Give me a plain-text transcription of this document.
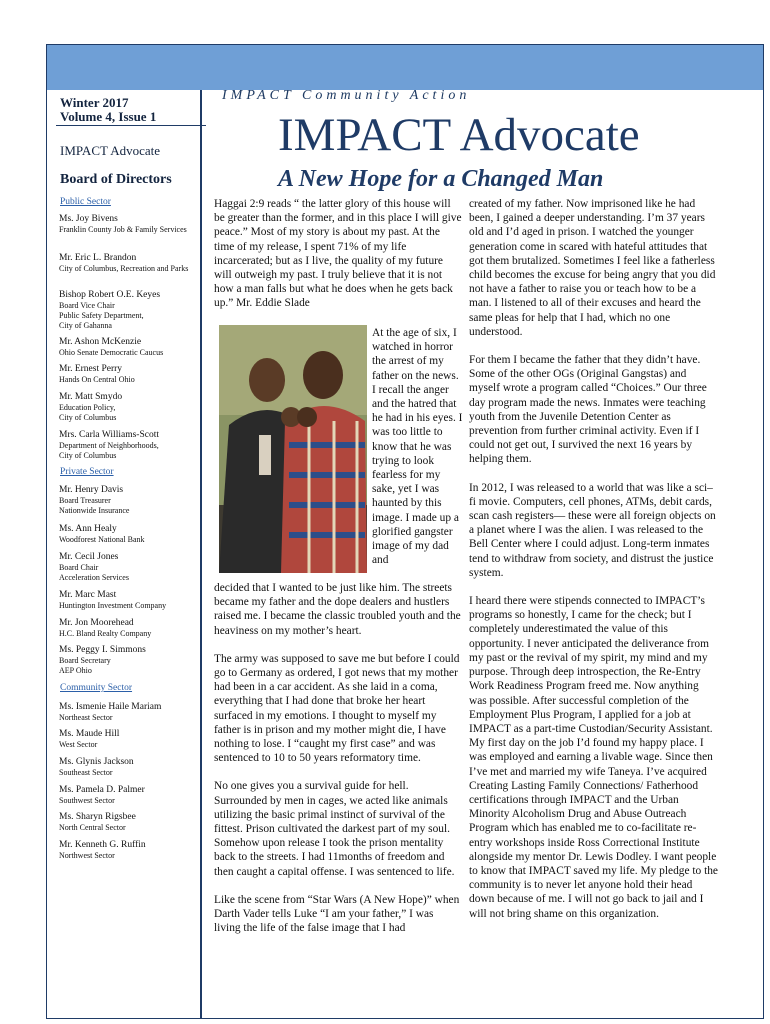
Winter 2017
Volume 4, Issue 1
IMPACT Advocate
Board of Directors
Public Sector
Ms. Joy Bivens
Franklin County Job & Family Services
Mr. Eric L. Brandon
City of Columbus, Recreation and Parks
Bishop Robert O.E. Keyes
Board Vice Chair
Public Safety Department,
City of Gahanna
Mr. Ashon McKenzie
Ohio Senate Democratic Caucus
Mr. Ernest Perry
Hands On Central Ohio
Mr. Matt Smydo
Education Policy,
City of Columbus
Mrs. Carla Williams-Scott
Department of Neighborhoods,
City of Columbus
Private Sector
Mr. Henry Davis
Board Treasurer
Nationwide Insurance
Ms. Ann Healy
Woodforest National Bank
Mr. Cecil Jones
Board Chair
Acceleration Services
Mr. Marc Mast
Huntington Investment Company
Mr. Jon Moorehead
H.C. Bland Realty Company
Ms. Peggy I. Simmons
Board Secretary
AEP Ohio
Community Sector
Ms. Ismenie Haile Mariam
Northeast Sector
Ms. Maude Hill
West Sector
Ms. Glynis Jackson
Southeast Sector
Ms. Pamela D. Palmer
Southwest Sector
Ms. Sharyn Rigsbee
North Central Sector
Mr. Kenneth G. Ruffin
Northwest Sector
IMPACT Community Action
IMPACT Advocate
A New Hope for a Changed Man
At the age of six, I watched in horror the arrest of my father on the news. I recall the anger and the hatred that he had in his eyes. I was too little to know that he was trying to look fearless for my sake, yet I was haunted by this image. I made up a glorified gangster image of my dad and

Haggai 2:9 reads “ the latter glory of this house will be greater than the former, and in this place I will give peace.” Most of my story is about my past. At the time of my release, I spent 71% of my life incarcerated; but as I live, the quality of my future will outweigh my past. I truly believe that it is not how a man falls but what he does when he gets back up.” Mr. Eddie Slade

decided that I wanted to be just like him. The streets became my father and the dope dealers and hustlers raised me. I became the classic troubled youth and the heaviness on my mother’s heart.

The army was supposed to save me but before I could go to Germany as ordered, I got news that my mother had been in a car accident. As she laid in a coma, everything that I had done that broke her heart surfaced in my emotions. I thought to myself my father is in prison and my mother might die, I have nothing to lose. I “caught my first case” and was sentenced to 10 to 50 years reformatory time.

No one gives you a survival guide for hell. Surrounded by men in cages, we acted like animals utilizing the basic primal instinct of survival of the fittest. Prison cultivated the darkest part of my soul. Somehow upon release I took the prison mentality back to the streets. I had 11months of freedom and then caught a capital offense. I was sentenced to life.

Like the scene from “Star Wars (A New Hope)” when Darth Vader tells Luke “I am your father,” I was living the life of the false image that I had

created of my father. Now imprisoned like he had been, I gained a deeper understanding. I’m 37 years old and I’d aged in prison. I watched the younger generation come in scared with hateful attitudes that got them brutalized. Sometimes I feel like a fatherless child becomes the excuse for being angry that you did not have a father to raise you or teach how to be a man. I listened to all of their excuses and heard the same pleas for help that I had, which no one understood.

For them I became the father that they didn’t have. Some of the other OGs (Original Gangstas) and myself wrote a program called “Choices.” Our three day program made the news. Inmates were teaching youth from the Juvenile Detention Center as prevention from further criminal activity. Even if I could not get out, I survived the next 16 years by helping them.

In 2012, I was released to a world that was like a sci–fi movie. Computers, cell phones, ATMs, debit cards, scan cash registers— these were all foreign objects on a planet where I was the alien. I was released to the Bell Center where I could adjust. Long-term inmates tend to withdraw from society, and distrust the justice system.

I heard there were stipends connected to IMPACT’s programs so honestly, I came for the check; but I completely underestimated the value of this opportunity. I never anticipated the deliverance from my past or the revival of my spirit, my mind and my purpose. Through deep introspection, the Re-Entry Work Readiness Program freed me. Now anything was possible. After successful completion of the Employment Plus Program, I applied for a job at IMPACT as a part-time Custodian/Security Assistant. My first day on the job I’d found my happy place. I was employed and earning a livable wage. Since then I’ve met and married my wife Taneya. I’ve acquired Creating Lasting Family Connections/ Fatherhood certifications through IMPACT and the Urban Minority Alcoholism Drug and Abuse Outreach Program which has enabled me to co-facilitate re-entry workshops inside Ross Correctional Institute alongside my mentor Dr. Lewis Dodley. I want people to know that IMPACT saved my life. My pledge to the community is to never let anyone hold their head down because of me. I will not go back to jail and I will not bring shame on this organization.
